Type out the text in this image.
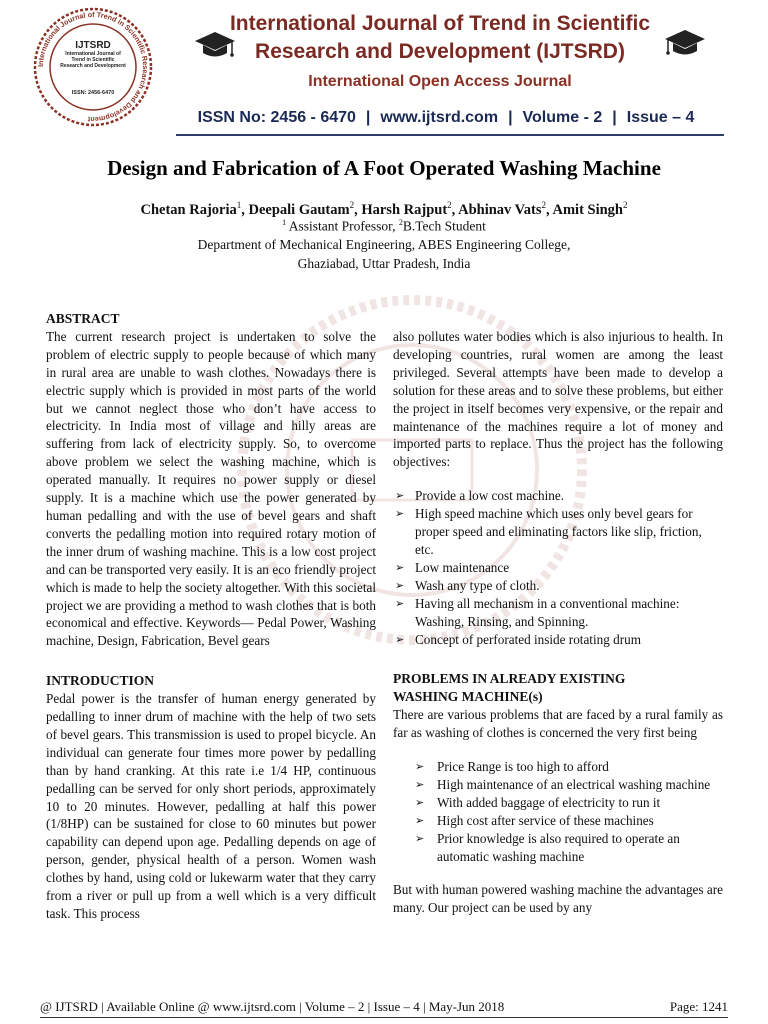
International Journal of Trend in Scientific Research and Development
IJTSRD
International Journal of Trend in Scientific Research and Development
ISSN: 2456-6470
International Journal of Trend in Scientific
Research and Development (IJTSRD)
International Open Access Journal
ISSN No: 2456 - 6470 | www.ijtsrd.com | Volume - 2 | Issue – 4
Design and Fabrication of A Foot Operated Washing Machine
Chetan Rajoria$^1$, Deepali Gautam$^2$, Harsh Rajput$^2$, Abhinav Vats$^2$, Amit Singh$^2$
$^1$ Assistant Professor, $^2$B.Tech Student
Department of Mechanical Engineering, ABES Engineering College,
Ghaziabad, Uttar Pradesh, India
ABSTRACT

The current research project is undertaken to solve the problem of electric supply to people because of which many in rural area are unable to wash clothes. Nowadays there is electric supply which is provided in most parts of the world but we cannot neglect those who don’t have access to electricity. In India most of village and hilly areas are suffering from lack of electricity supply. So, to overcome above problem we select the washing machine, which is operated manually. It requires no power supply or diesel supply. It is a machine which use the power generated by human pedalling and with the use of bevel gears and shaft converts the pedalling motion into required rotary motion of the inner drum of washing machine. This is a low cost project and can be transported very easily. It is an eco friendly project which is made to help the society altogether. With this societal project we are providing a method to wash clothes that is both economical and effective. Keywords— Pedal Power, Washing machine, Design, Fabrication, Bevel gears

INTRODUCTION

Pedal power is the transfer of human energy generated by pedalling to inner drum of machine with the help of two sets of bevel gears. This transmission is used to propel bicycle. An individual can generate four times more power by pedalling than by hand cranking. At this rate i.e 1/4 HP, continuous pedalling can be served for only short periods, approximately 10 to 20 minutes. However, pedalling at half this power (1/8HP) can be sustained for close to 60 minutes but power capability can depend upon age. Pedalling depends on age of person, gender, physical health of a person. Women wash clothes by hand, using cold or lukewarm water that they carry from a river or pull up from a well which is a very difficult task. This process

also pollutes water bodies which is also injurious to health. In developing countries, rural women are among the least privileged. Several attempts have been made to develop a solution for these areas and to solve these problems, but either the project in itself becomes very expensive, or the repair and maintenance of the machines require a lot of money and imported parts to replace. Thus the project has the following objectives:

➢ Provide a low cost machine.
➢ High speed machine which uses only bevel gears for proper speed and eliminating factors like slip, friction, etc.
➢ Low maintenance
➢ Wash any type of cloth.
➢ Having all mechanism in a conventional machine: Washing, Rinsing, and Spinning.
➢ Concept of perforated inside rotating drum
PROBLEMS IN ALREADY EXISTING
WASHING MACHINE(s)

There are various problems that are faced by a rural family as far as washing of clothes is concerned the very first being

➢ Price Range is too high to afford
➢ High maintenance of an electrical washing machine
➢ With added baggage of electricity to run it
➢ High cost after service of these machines
➢ Prior knowledge is also required to operate an automatic washing machine

But with human powered washing machine the advantages are many. Our project can be used by any

@ IJTSRD | Available Online @ www.ijtsrd.com | Volume – 2 | Issue – 4 | May-Jun 2018	Page: 1241
